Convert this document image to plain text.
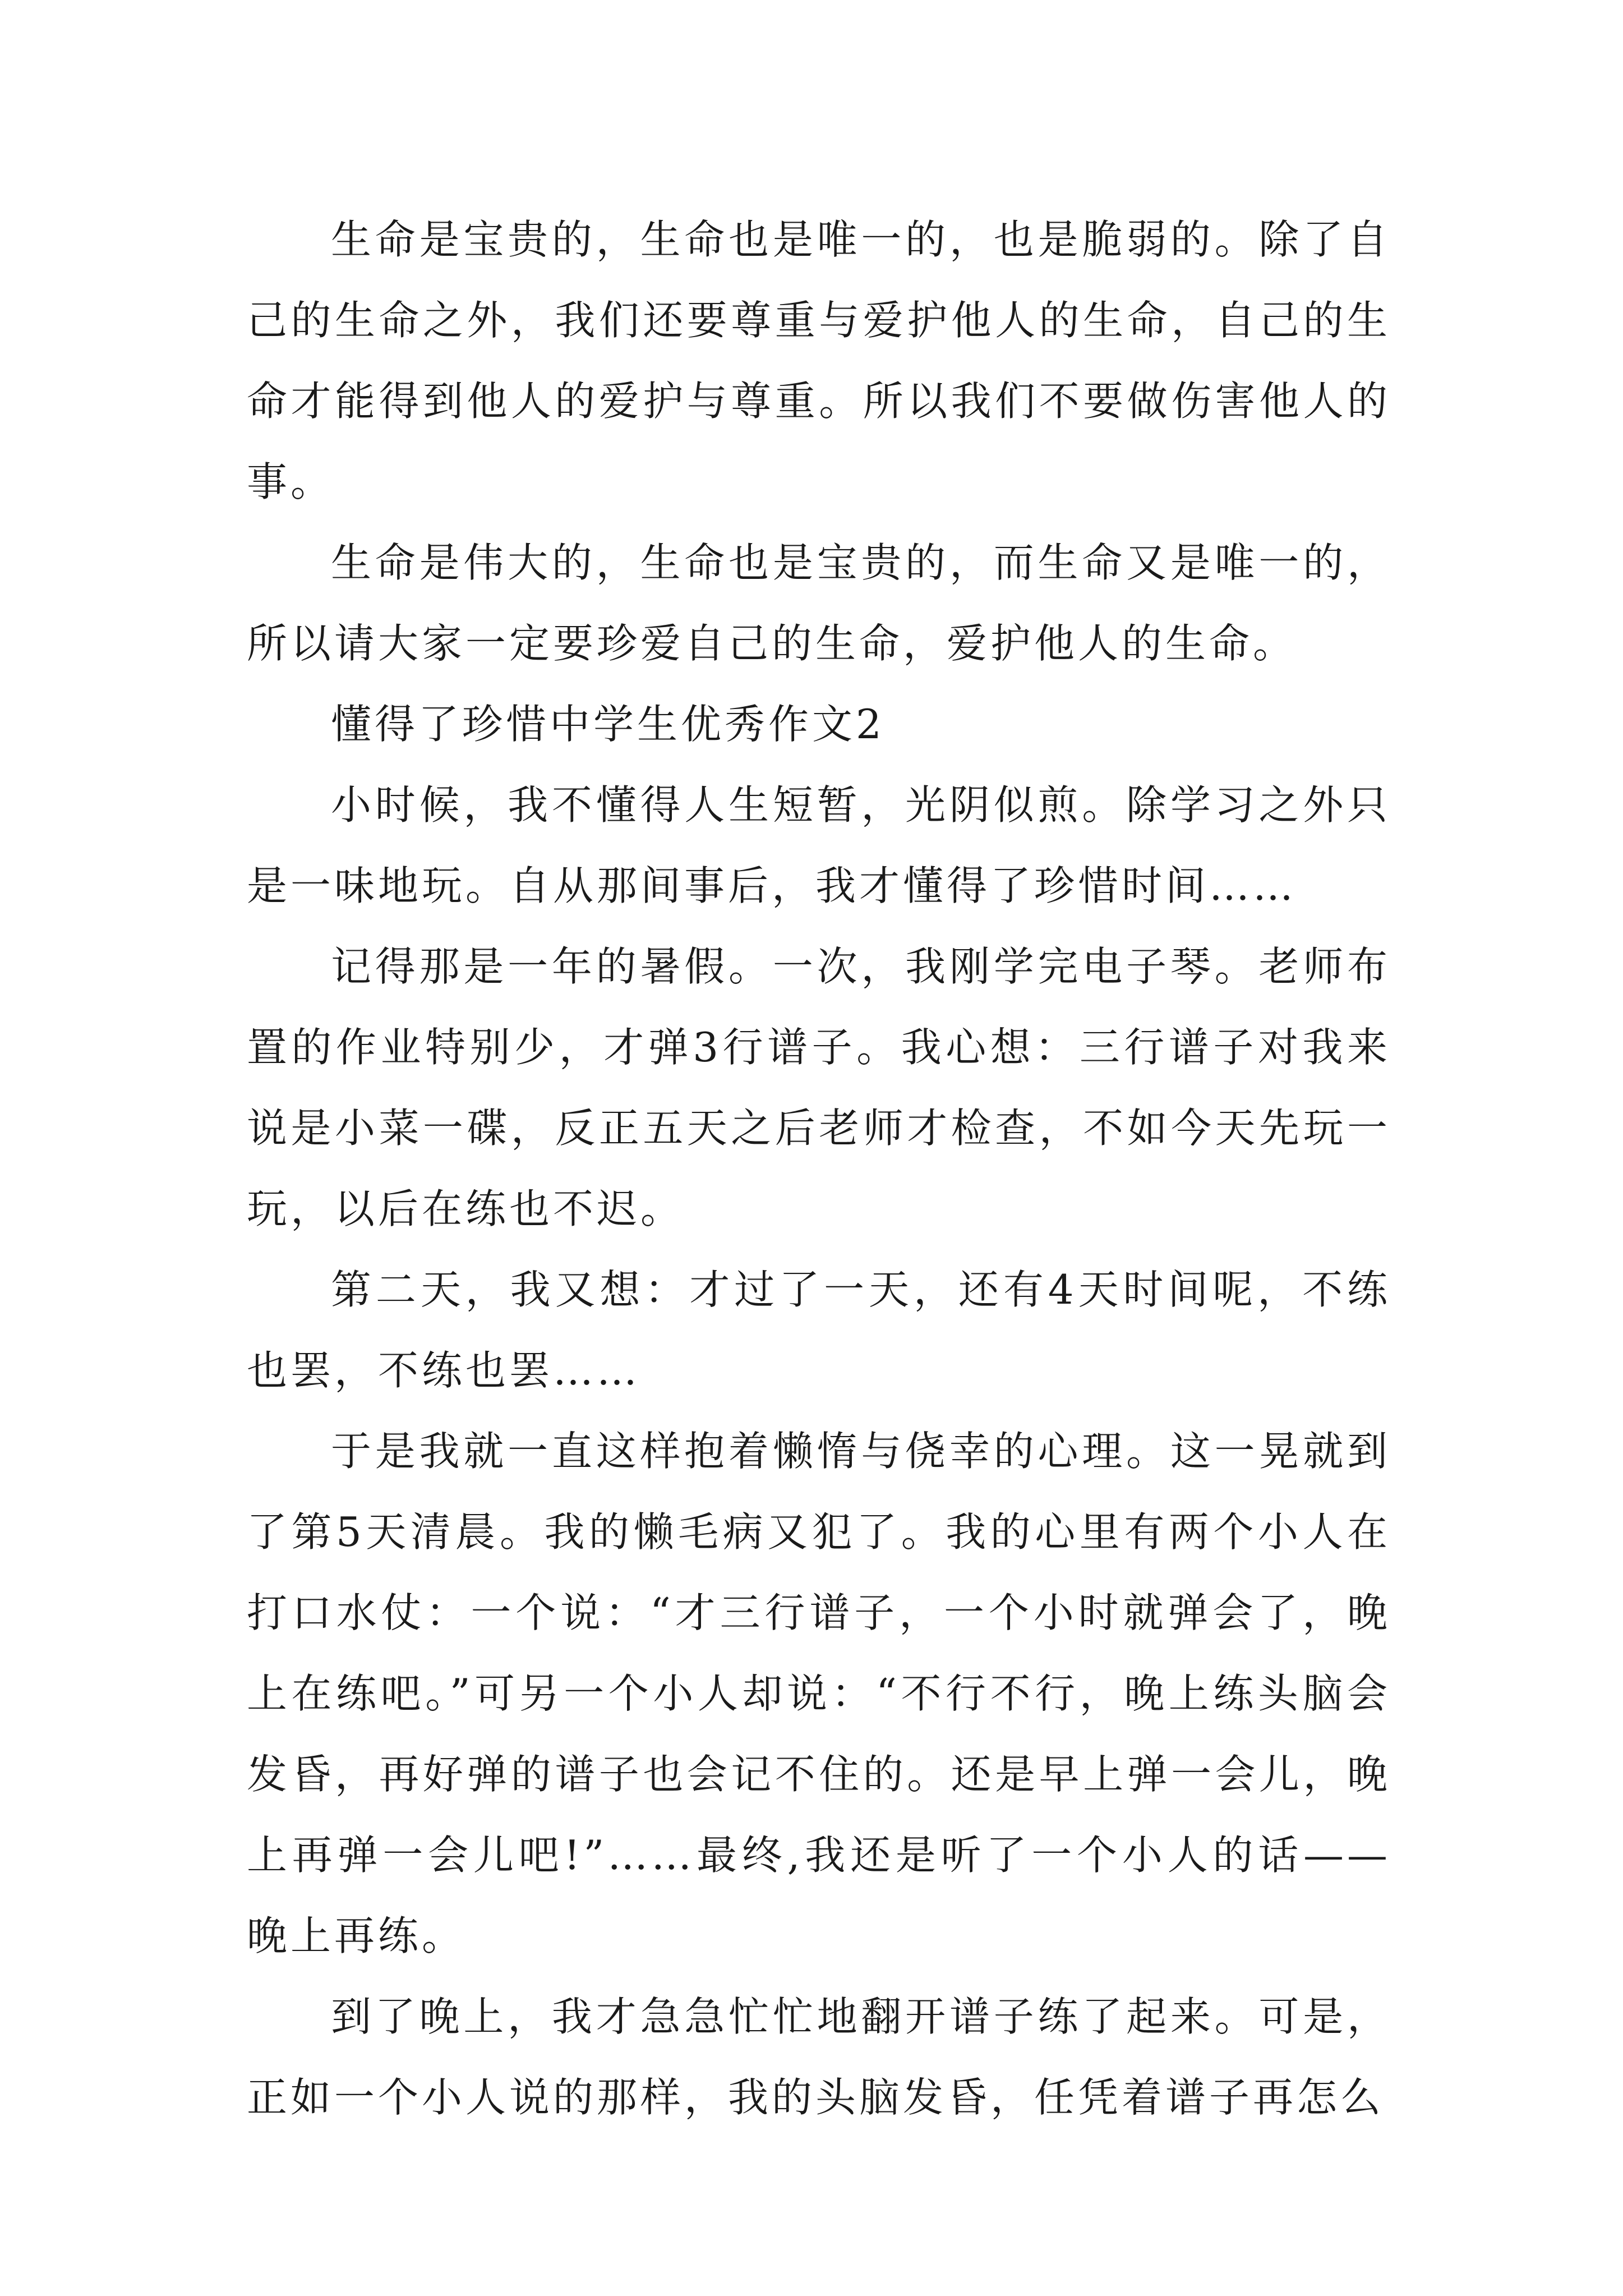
生命是宝贵的，生命也是唯一的，也是脆弱的。除了自己的生命之外，我们还要尊重与爱护他人的生命，自己的生命才能得到他人的爱护与尊重。所以我们不要做伤害他人的事。

生命是伟大的，生命也是宝贵的，而生命又是唯一的，所以请大家一定要珍爱自己的生命，爱护他人的生命。

懂得了珍惜中学生优秀作文2

小时候，我不懂得人生短暂，光阴似煎。除学习之外只是一味地玩。自从那间事后，我才懂得了珍惜时间……

记得那是一年的暑假。一次，我刚学完电子琴。老师布置的作业特别少，才弹3行谱子。我心想：三行谱子对我来说是小菜一碟，反正五天之后老师才检查，不如今天先玩一玩，以后在练也不迟。

第二天，我又想：才过了一天，还有4天时间呢，不练也罢，不练也罢……

于是我就一直这样抱着懒惰与侥幸的心理。这一晃就到了第5天清晨。我的懒毛病又犯了。我的心里有两个小人在打口水仗：一个说：“才三行谱子，一个小时就弹会了，晚上在练吧。”可另一个小人却说：“不行不行，晚上练头脑会发昏，再好弹的谱子也会记不住的。还是早上弹一会儿，晚上再弹一会儿吧!”……最终,我还是听了一个小人的话——晚上再练。

到了晚上，我才急急忙忙地翻开谱子练了起来。可是，正如一个小人说的那样，我的头脑发昏，任凭着谱子再怎么
